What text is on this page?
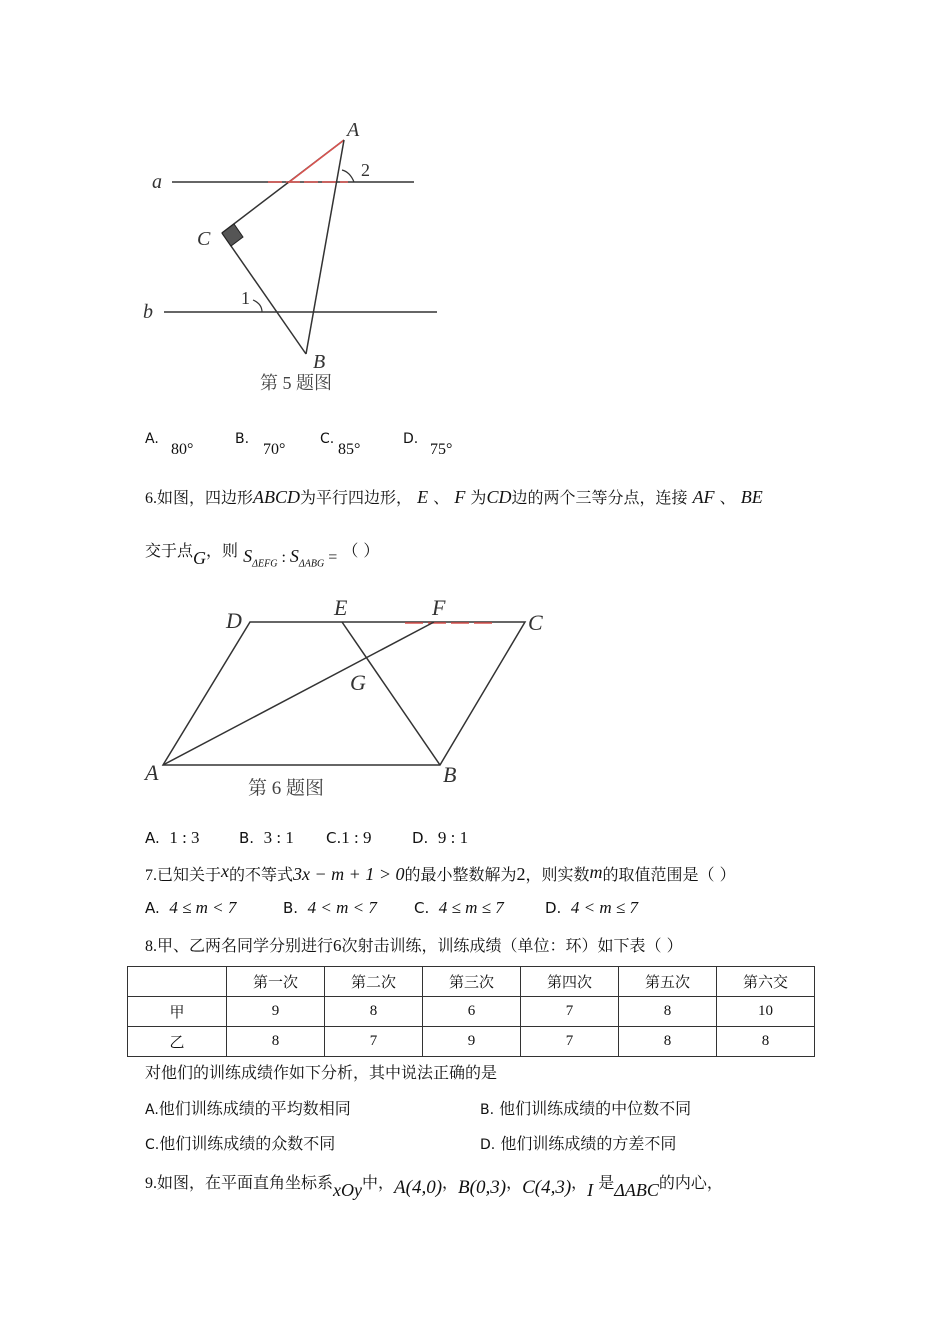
A
C
B
a
b
1
2
第 5 题图
A.
80°
B.
70°
C.
85°
D.
75°
6.如图，四边形ABCD为平行四边形， E 、 F 为CD边的两个三等分点，连接 AF 、 BE
交于点G，则 $S_{\Delta EFG}$ : $S_{\Delta ABG}$ = （ ）
D
E	F
C
G
A	B
第 6 题图
A. 1 : 3	B. 3 : 1 C.1 : 9	D. 9 : 1
7.已知关于x的不等式3x − m + 1 > 0的最小整数解为2，则实数m的取值范围是（ ）
A. 4 ≤ m < 7	B. 4 < m < 7 C. 4 ≤ m ≤ 7	D. 4 < m ≤ 7
8.甲、乙两名同学分别进行6次射击训练，训练成绩（单位：环）如下表（ ）
	第一次	第二次	第三次	第四次	第五次	第六交
甲	9	8	6	7	8	10
乙	8	7	9	7	8	8
对他们的训练成绩作如下分析，其中说法正确的是
A.他们训练成绩的平均数相同	B. 他们训练成绩的中位数不同
C.他们训练成绩的众数不同	D. 他们训练成绩的方差不同
9.如图，在平面直角坐标系xOy中，A(4,0)，B(0,3)，C(4,3)，I 是ΔABC的内心，
